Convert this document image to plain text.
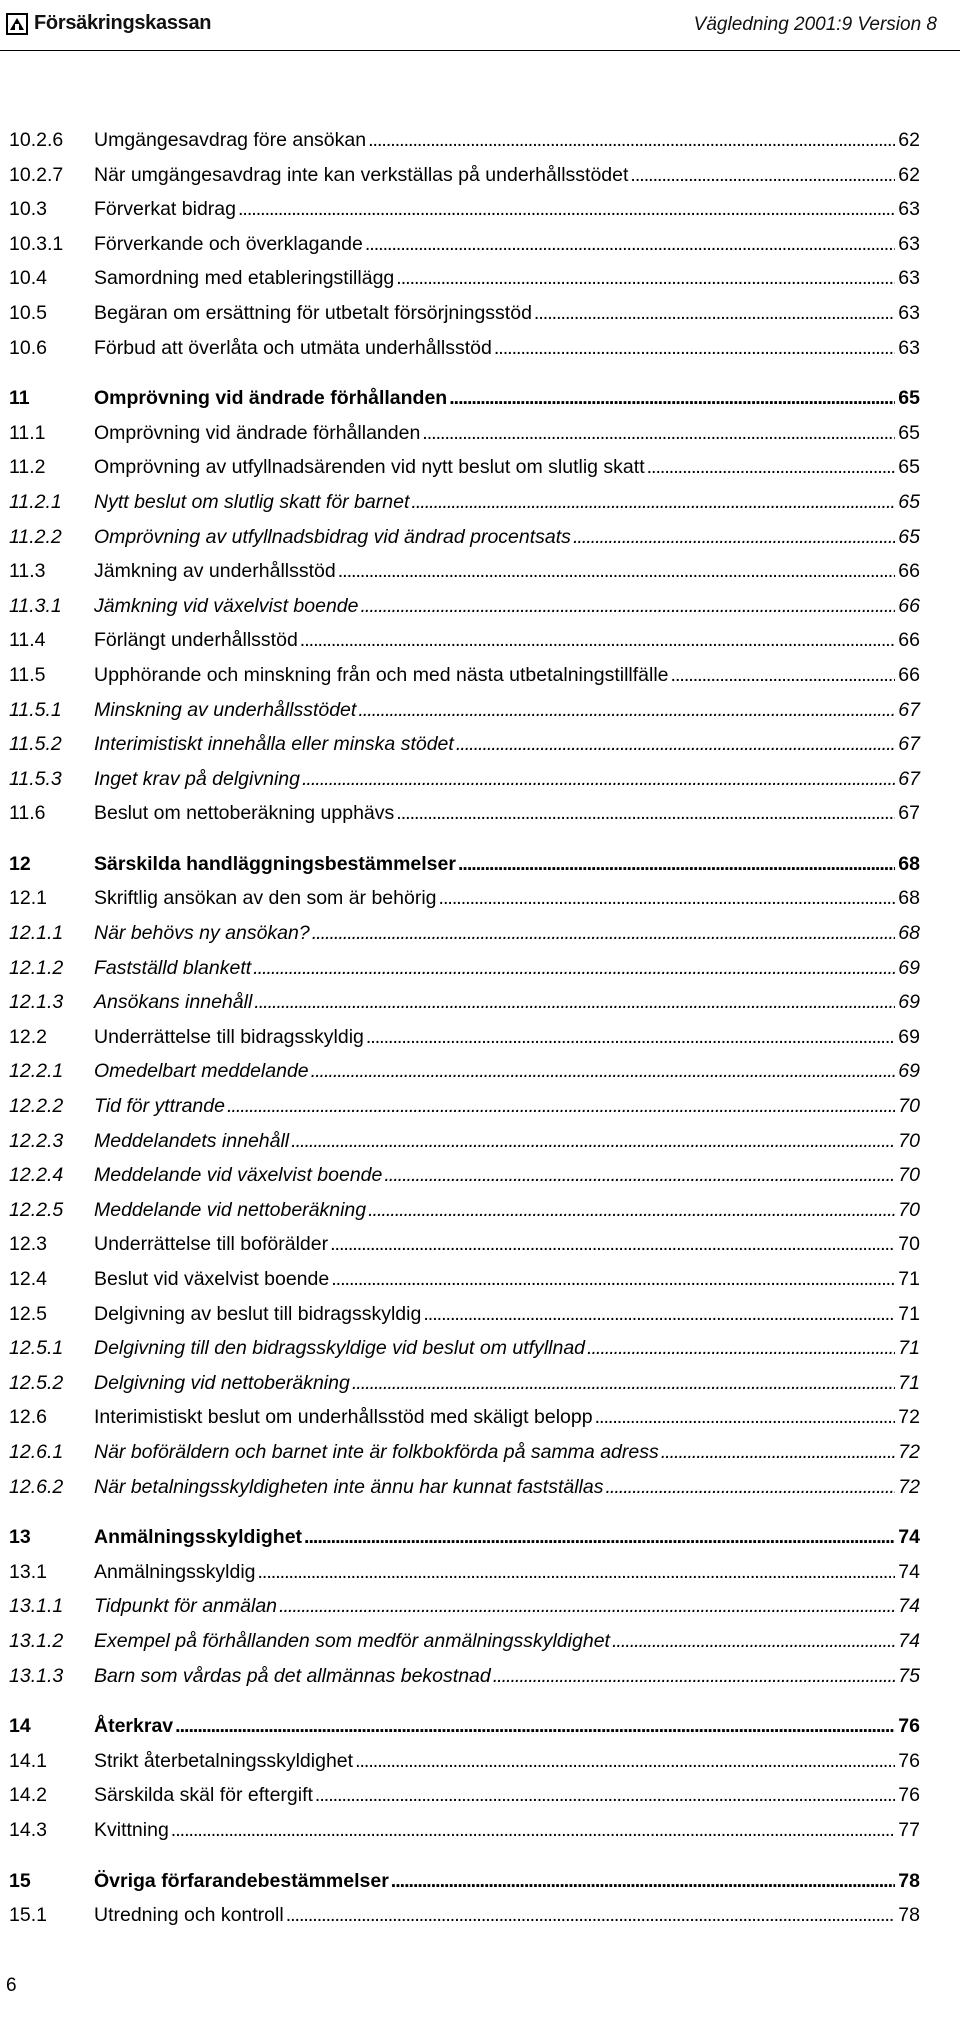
Försäkringskassan	Vägledning 2001:9 Version 8
10.2.6	Umgängesavdrag före ansökan . . .	62
10.2.7	När umgängesavdrag inte kan verkställas på underhållsstödet . . .	62
10.3	Förverkat bidrag . . .	63
10.3.1	Förverkande och överklagande . . .	63
10.4	Samordning med etableringstillägg . . .	63
10.5	Begäran om ersättning för utbetalt försörjningsstöd . . .	63
10.6	Förbud att överlåta och utmäta underhållsstöd . . .	63
11	Omprövning vid ändrade förhållanden . . .	65
11.1	Omprövning vid ändrade förhållanden . . .	65
11.2	Omprövning av utfyllnadsärenden vid nytt beslut om slutlig skatt . . .	65
11.2.1	Nytt beslut om slutlig skatt för barnet . . .	65
11.2.2	Omprövning av utfyllnadsbidrag vid ändrad procentsats . . .	65
11.3	Jämkning av underhållsstöd . . .	66
11.3.1	Jämkning vid växelvist boende . . .	66
11.4	Förlängt underhållsstöd . . .	66
11.5	Upphörande och minskning från och med nästa utbetalningstillfälle . . .	66
11.5.1	Minskning av underhållsstödet . . .	67
11.5.2	Interimistiskt innehålla eller minska stödet . . .	67
11.5.3	Inget krav på delgivning . . .	67
11.6	Beslut om nettoberäkning upphävs . . .	67
12	Särskilda handläggningsbestämmelser . . .	68
12.1	Skriftlig ansökan av den som är behörig . . .	68
12.1.1	När behövs ny ansökan? . . .	68
12.1.2	Fastställd blankett . . .	69
12.1.3	Ansökans innehåll . . .	69
12.2	Underrättelse till bidragsskyldig . . .	69
12.2.1	Omedelbart meddelande . . .	69
12.2.2	Tid för yttrande . . .	70
12.2.3	Meddelandets innehåll . . .	70
12.2.4	Meddelande vid växelvist boende . . .	70
12.2.5	Meddelande vid nettoberäkning . . .	70
12.3	Underrättelse till boförälder . . .	70
12.4	Beslut vid växelvist boende . . .	71
12.5	Delgivning av beslut till bidragsskyldig . . .	71
12.5.1	Delgivning till den bidragsskyldige vid beslut om utfyllnad . . .	71
12.5.2	Delgivning vid nettoberäkning . . .	71
12.6	Interimistiskt beslut om underhållsstöd med skäligt belopp . . .	72
12.6.1	När boföräldern och barnet inte är folkbokförda på samma adress . . .	72
12.6.2	När betalningsskyldigheten inte ännu har kunnat fastställas . . .	72
13	Anmälningsskyldighet . . .	74
13.1	Anmälningsskyldig . . .	74
13.1.1	Tidpunkt för anmälan . . .	74
13.1.2	Exempel på förhållanden som medför anmälningsskyldighet . . .	74
13.1.3	Barn som vårdas på det allmännas bekostnad . . .	75
14	Återkrav . . .	76
14.1	Strikt återbetalningsskyldighet . . .	76
14.2	Särskilda skäl för eftergift . . .	76
14.3	Kvittning . . .	77
15	Övriga förfarandebestämmelser . . .	78
15.1	Utredning och kontroll . . .	78
6
